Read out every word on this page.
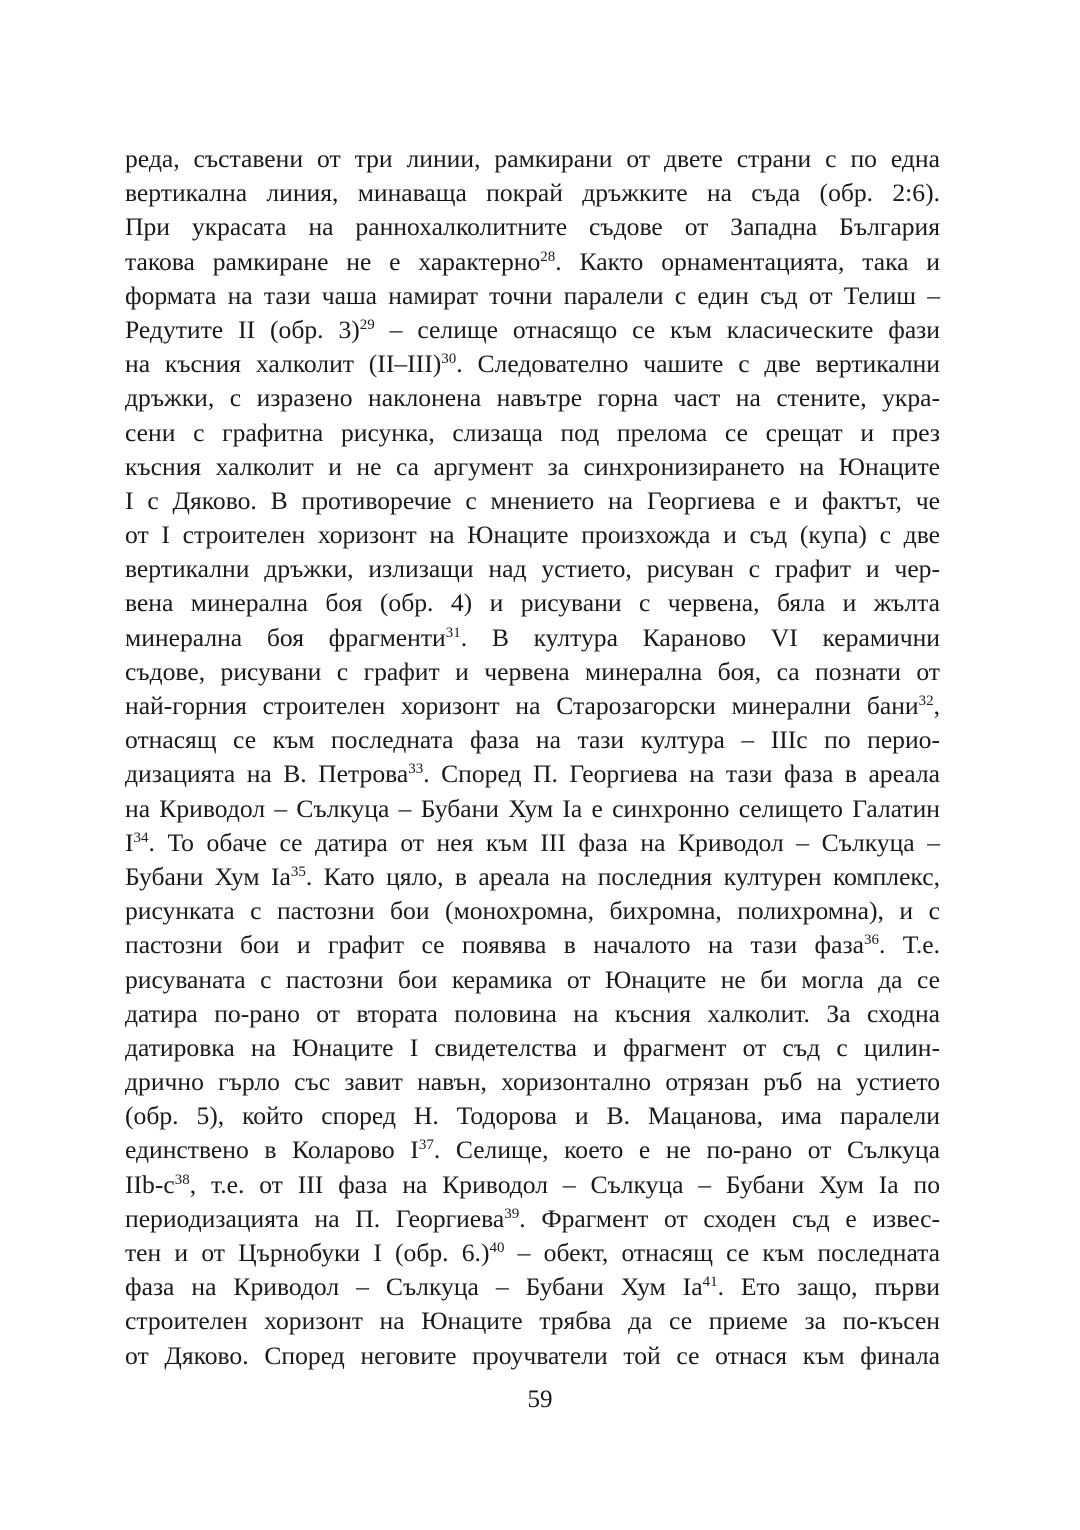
реда, съставени от три линии, рамкирани от двете страни с по една
вертикална линия, минаваща покрай дръжките на съда (обр. 2:6).
При украсата на раннохалколитните съдове от Западна България
такова рамкиране не е характерно$^{28}$. Както орнаментацията, така и
формата на тази чаша намират точни паралели с един съд от Телиш –
Редутите II (обр. 3)$^{29}$ – селище отнасящо се към класическите фази
на късния халколит $(II-III)^{30}$. Следователно чашите с две вертикални
дръжки, с изразено наклонена навътре горна част на стените, укра-
сени с графитна рисунка, слизаща под прелома се срещат и през
късния халколит и не са аргумент за синхронизирането на Юнаците
I с Дяково. В противоречие с мнението на Георгиева е и фактът, че
от I строителен хоризонт на Юнаците произхожда и съд (купа) с две
вертикални дръжки, излизащи над устието, рисуван с графит и чер-
вена минерална боя (обр. 4) и рисувани с червена, бяла и жълта
минерална боя фрагменти$^{31}$. В култура Караново VI керамични
съдове, рисувани с графит и червена минерална боя, са познати от
най-горния строителен хоризонт на Старозагорски минерални бани$^{32}$,
отнасящ се към последната фаза на тази култура – IIIc по перио-
дизацията на В. Петрова$^{33}$. Според П. Георгиева на тази фаза в ареала
на Криводол – Сълкуца – Бубани Хум Ia е синхронно селището Галатин
$I^{34}$. То обаче се датира от нея към III фаза на Криводол – Сълкуца –
Бубани Хум Ia$^{35}$. Като цяло, в ареала на последния културен комплекс,
рисунката с пастозни бои (монохромна, бихромна, полихромна), и с
пастозни бои и графит се появява в началото на тази фаза$^{36}$. Т.е.
рисуваната с пастозни бои керамика от Юнаците не би могла да се
датира по-рано от втората половина на късния халколит. За сходна
датировка на Юнаците I свидетелства и фрагмент от съд с цилин-
дрично гърло със завит навън, хоризонтално отрязан ръб на устието
(обр. 5), който според Н. Тодорова и В. Мацанова, има паралели
единствено в Коларово $I^{37}$. Селище, което е не по-рано от Сълкуца
IIb-$c^{38}$, т.е. от III фаза на Криводол – Сълкуца – Бубани Хум Ia по
периодизацията на П. Георгиева$^{39}$. Фрагмент от сходен съд е извес-
тен и от Църнобуки I (обр. 6.)$^{40}$ – обект, отнасящ се към последната
фаза на Криводол – Сълкуца – Бубани Хум Ia$^{41}$. Ето защо, първи
строителен хоризонт на Юнаците трябва да се приеме за по-късен
от Дяково. Според неговите проучватели той се отнася към финала
59
